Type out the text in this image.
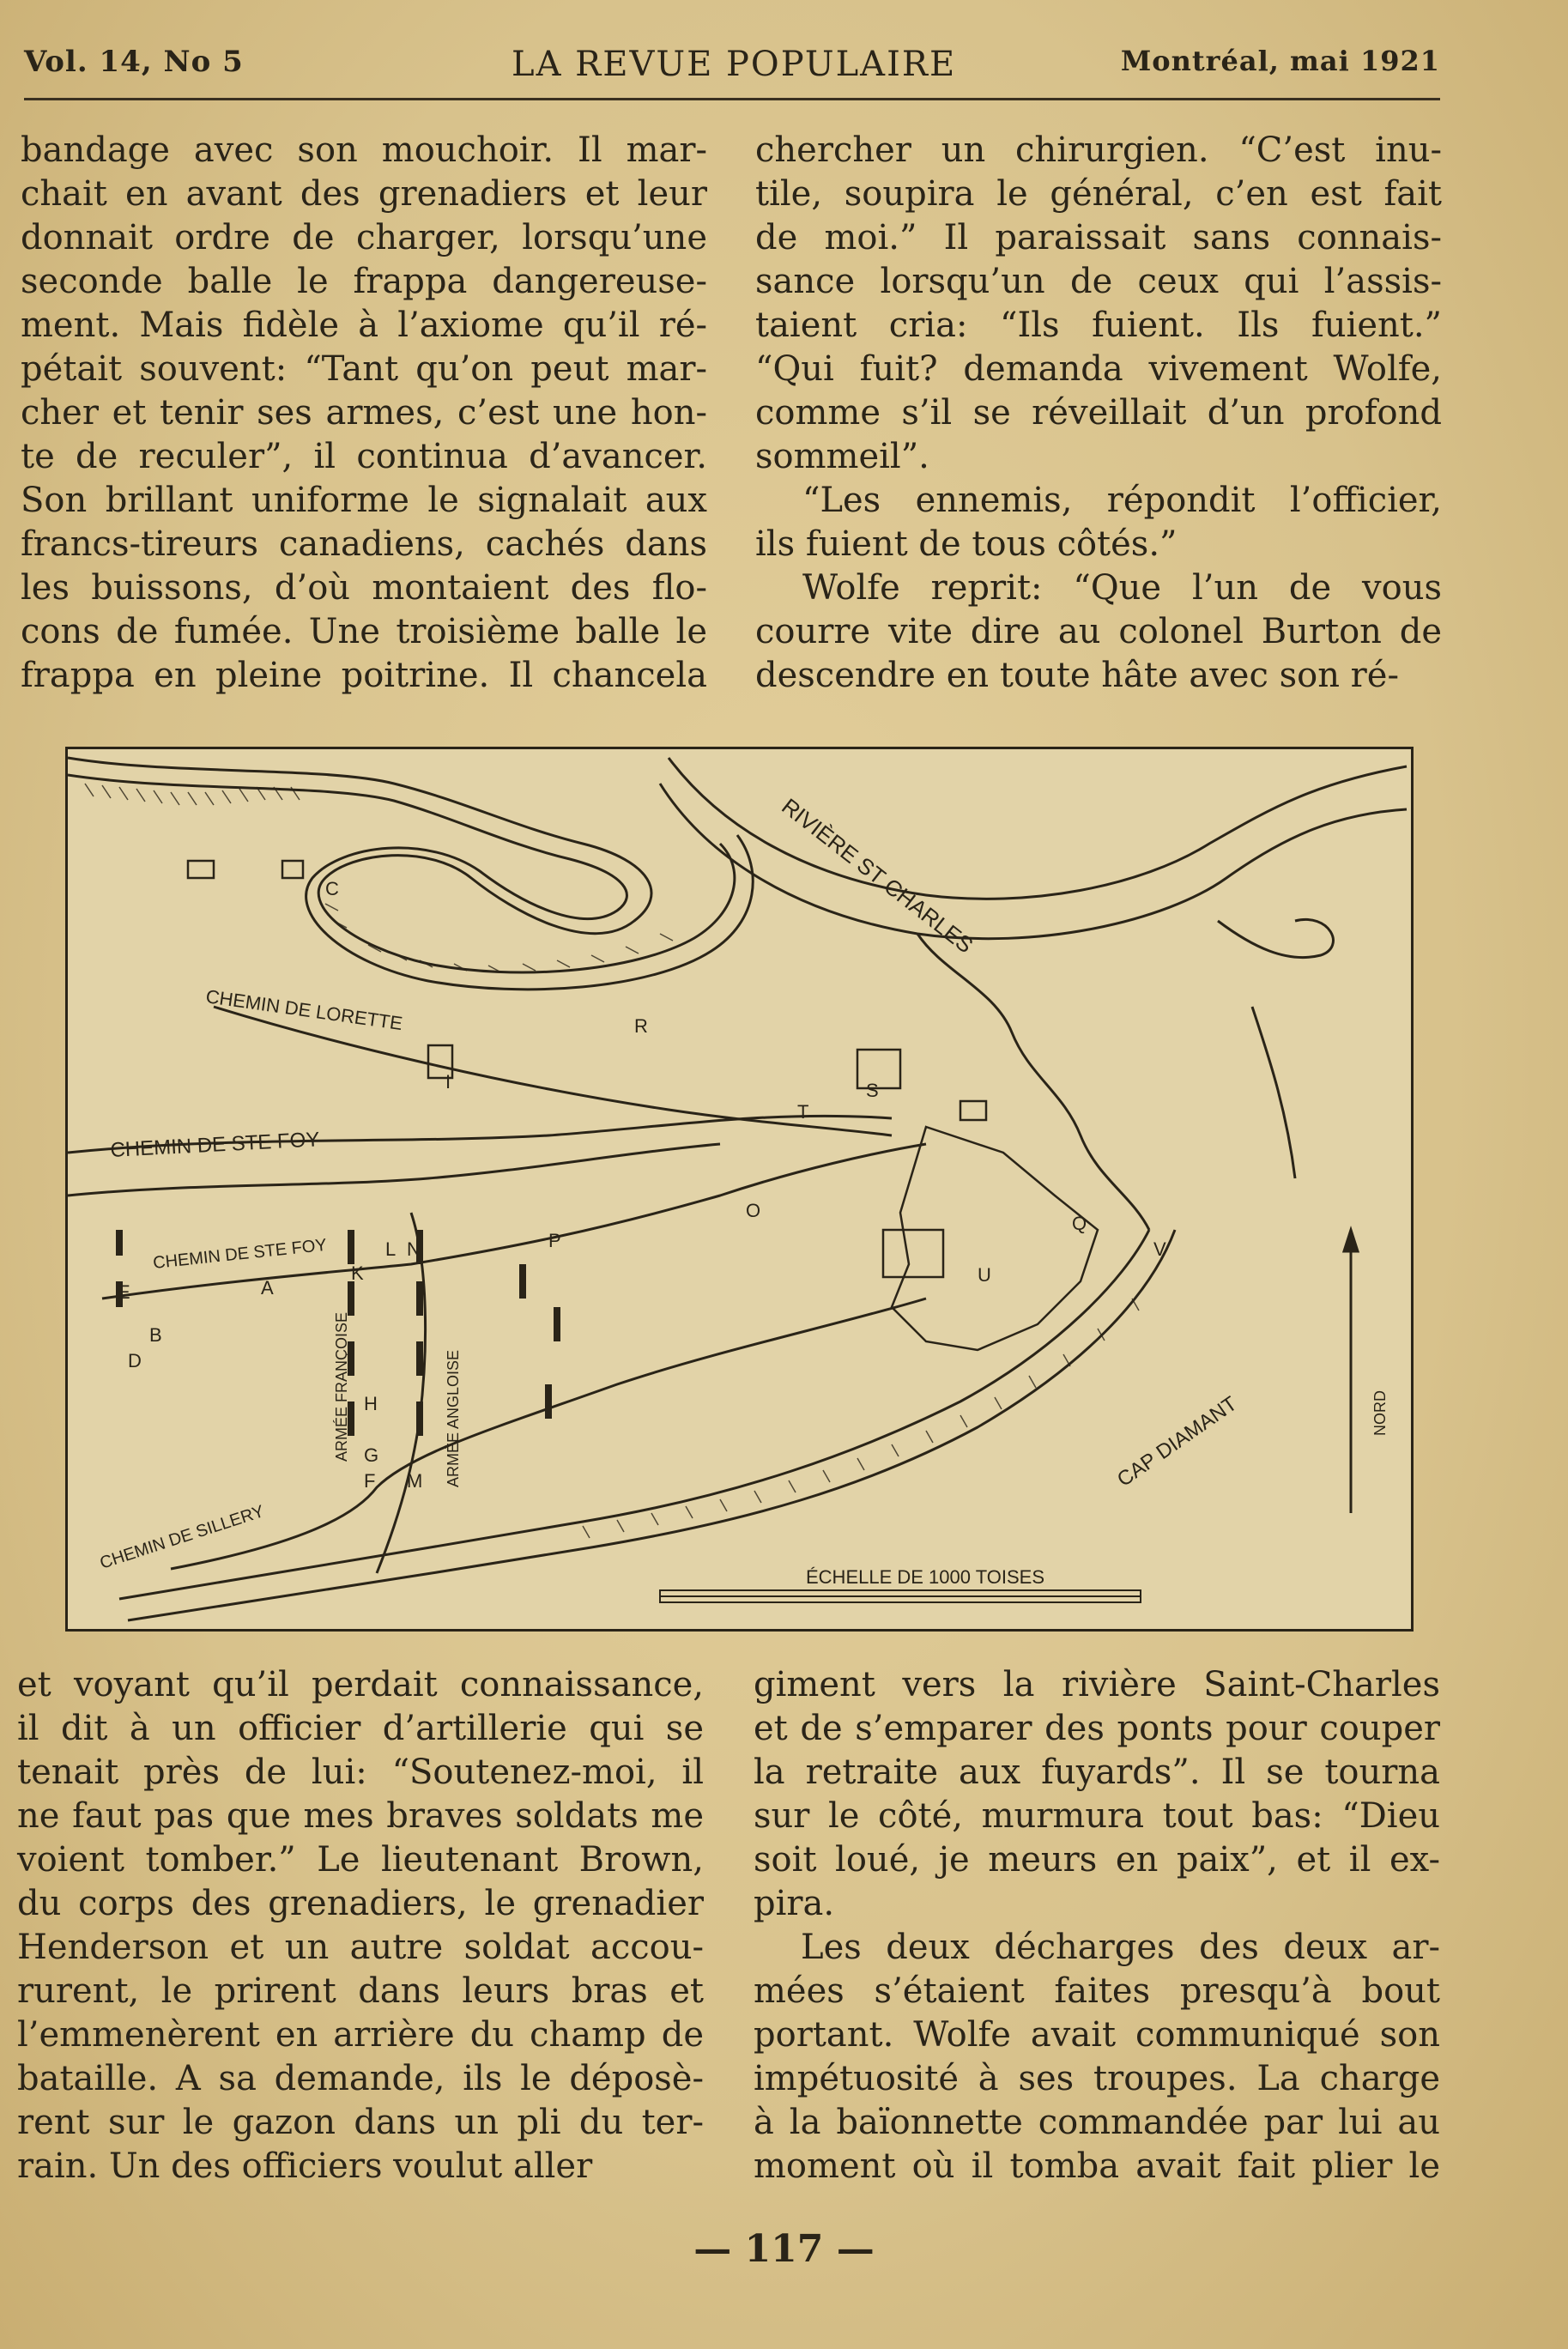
Vol. 14, No 5	LA REVUE POPULAIRE	Montréal, mai 1921
bandage avec son mouchoir. Il mar-
chait en avant des grenadiers et leur
donnait ordre de charger, lorsqu’une
seconde balle le frappa dangereuse-
ment. Mais fidèle à l’axiome qu’il ré-
pétait souvent: “Tant qu’on peut mar-
cher et tenir ses armes, c’est une hon-
te de reculer”, il continua d’avancer.
Son brillant uniforme le signalait aux
francs-tireurs canadiens, cachés dans
les buissons, d’où montaient des flo-
cons de fumée. Une troisième balle le
frappa en pleine poitrine. Il chancela
chercher un chirurgien. “C’est inu-
tile, soupira le général, c’en est fait
de moi.” Il paraissait sans connais-
sance lorsqu’un de ceux qui l’assis-
taient cria: “Ils fuient. Ils fuient.”
“Qui fuit? demanda vivement Wolfe,
comme s’il se réveillait d’un profond
sommeil”.
“Les ennemis, répondit l’officier,
ils fuient de tous côtés.”
Wolfe reprit: “Que l’un de vous
courre vite dire au colonel Burton de
descendre en toute hâte avec son ré-
RIVIÈRE ST CHARLES
CHEMIN DE LORETTE
CHEMIN DE STE FOY
CHEMIN DE STE FOY
CHEMIN DE SILLERY
ARMÉE FRANÇOISE	ARMÉE ANGLOISE	CAP DIAMANT	NORD
ÉCHELLE DE 1000 TOISES
C
S
R
T
V
U
Q
O
P
K
L
M
N
H
G
F
E
B
D
A
I
et voyant qu’il perdait connaissance,
il dit à un officier d’artillerie qui se
tenait près de lui: “Soutenez-moi, il
ne faut pas que mes braves soldats me
voient tomber.” Le lieutenant Brown,
du corps des grenadiers, le grenadier
Henderson et un autre soldat accou-
rurent, le prirent dans leurs bras et
l’emmenèrent en arrière du champ de
bataille. A sa demande, ils le déposè-
rent sur le gazon dans un pli du ter-
rain. Un des officiers voulut aller
giment vers la rivière Saint-Charles
et de s’emparer des ponts pour couper
la retraite aux fuyards”. Il se tourna
sur le côté, murmura tout bas: “Dieu
soit loué, je meurs en paix”, et il ex-
pira.
Les deux décharges des deux ar-
mées s’étaient faites presqu’à bout
portant. Wolfe avait communiqué son
impétuosité à ses troupes. La charge
à la baïonnette commandée par lui au
moment où il tomba avait fait plier le
— 117 —
